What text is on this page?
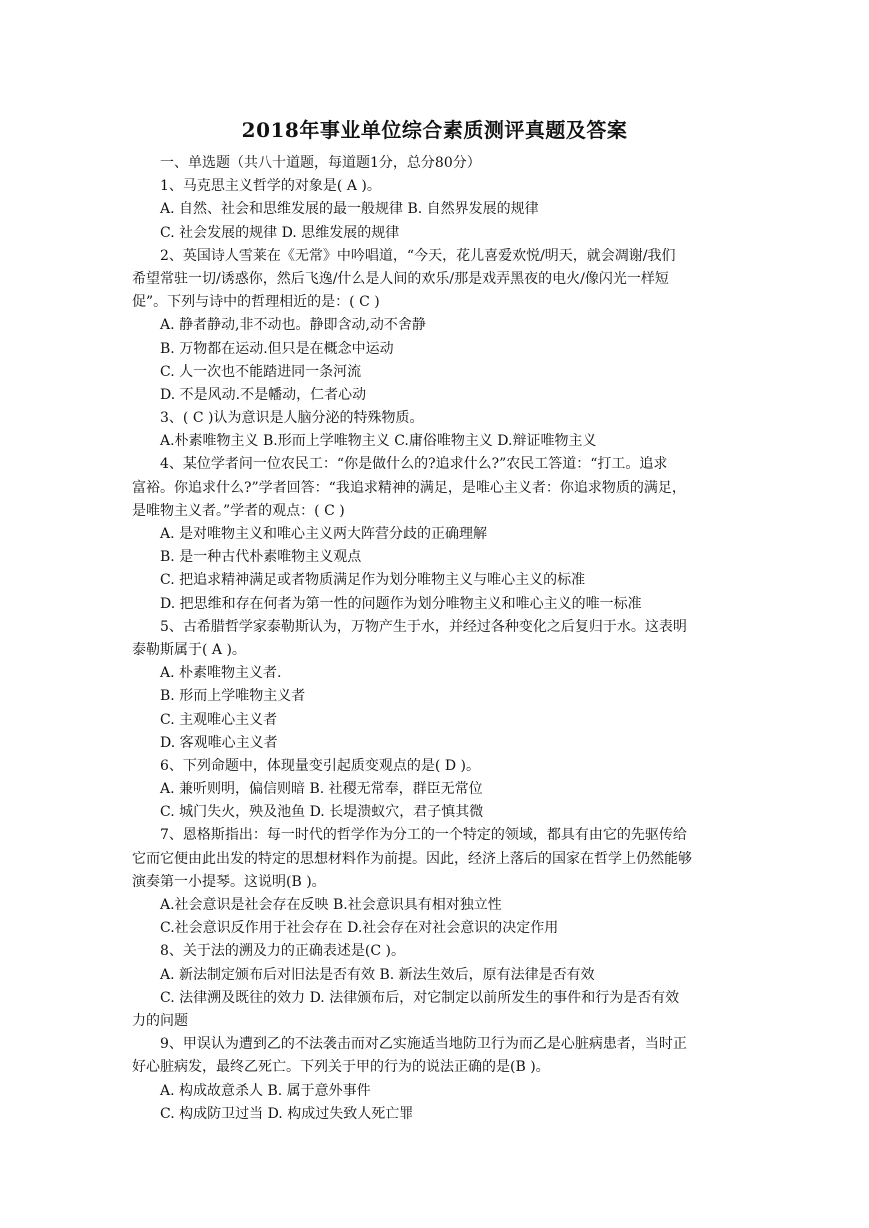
2018年事业单位综合素质测评真题及答案
一、单选题（共八十道题，每道题1分，总分80分）
1、马克思主义哲学的对象是( A )。
A. 自然、社会和思维发展的最一般规律 B. 自然界发展的规律
C. 社会发展的规律 D. 思维发展的规律
2、英国诗人雪莱在《无常》中吟唱道，“今天，花儿喜爱欢悦/明天，就会凋谢/我们
希望常驻一切/诱惑你，然后飞逸/什么是人间的欢乐/那是戏弄黑夜的电火/像闪光一样短
促”。下列与诗中的哲理相近的是：( C )
A. 静者静动,非不动也。静即含动,动不舍静
B. 万物都在运动.但只是在概念中运动
C. 人一次也不能踏进同一条河流
D. 不是风动.不是幡动，仁者心动
3、( C )认为意识是人脑分泌的特殊物质。
A.朴素唯物主义 B.形而上学唯物主义 C.庸俗唯物主义 D.辩证唯物主义
4、某位学者问一位农民工：“你是做什么的?追求什么?”农民工答道：“打工。追求
富裕。你追求什么?”学者回答：“我追求精神的满足，是唯心主义者：你追求物质的满足，
是唯物主义者。”学者的观点：( C )
A. 是对唯物主义和唯心主义两大阵营分歧的正确理解
B. 是一种古代朴素唯物主义观点
C. 把追求精神满足或者物质满足作为划分唯物主义与唯心主义的标准
D. 把思维和存在何者为第一性的问题作为划分唯物主义和唯心主义的唯一标准
5、古希腊哲学家泰勒斯认为，万物产生于水，并经过各种变化之后复归于水。这表明
泰勒斯属于( A )。
A. 朴素唯物主义者.
B. 形而上学唯物主义者
C. 主观唯心主义者
D. 客观唯心主义者
6、下列命题中，体现量变引起质变观点的是( D )。
A. 兼听则明，偏信则暗 B. 社稷无常奉，群臣无常位
C. 城门失火，殃及池鱼 D. 长堤溃蚁穴，君子慎其微
7、恩格斯指出：每一时代的哲学作为分工的一个特定的领域，都具有由它的先驱传给
它而它便由此出发的特定的思想材料作为前提。因此，经济上落后的国家在哲学上仍然能够
演奏第一小提琴。这说明(B )。
A.社会意识是社会存在反映 B.社会意识具有相对独立性
C.社会意识反作用于社会存在 D.社会存在对社会意识的决定作用
8、关于法的溯及力的正确表述是(C )。
A. 新法制定颁布后对旧法是否有效 B. 新法生效后，原有法律是否有效
C. 法律溯及既往的效力 D. 法律颁布后，对它制定以前所发生的事件和行为是否有效
力的问题
9、甲误认为遭到乙的不法袭击而对乙实施适当地防卫行为而乙是心脏病患者，当时正
好心脏病发，最终乙死亡。下列关于甲的行为的说法正确的是(B )。
A. 构成故意杀人 B. 属于意外事件
C. 构成防卫过当 D. 构成过失致人死亡罪
